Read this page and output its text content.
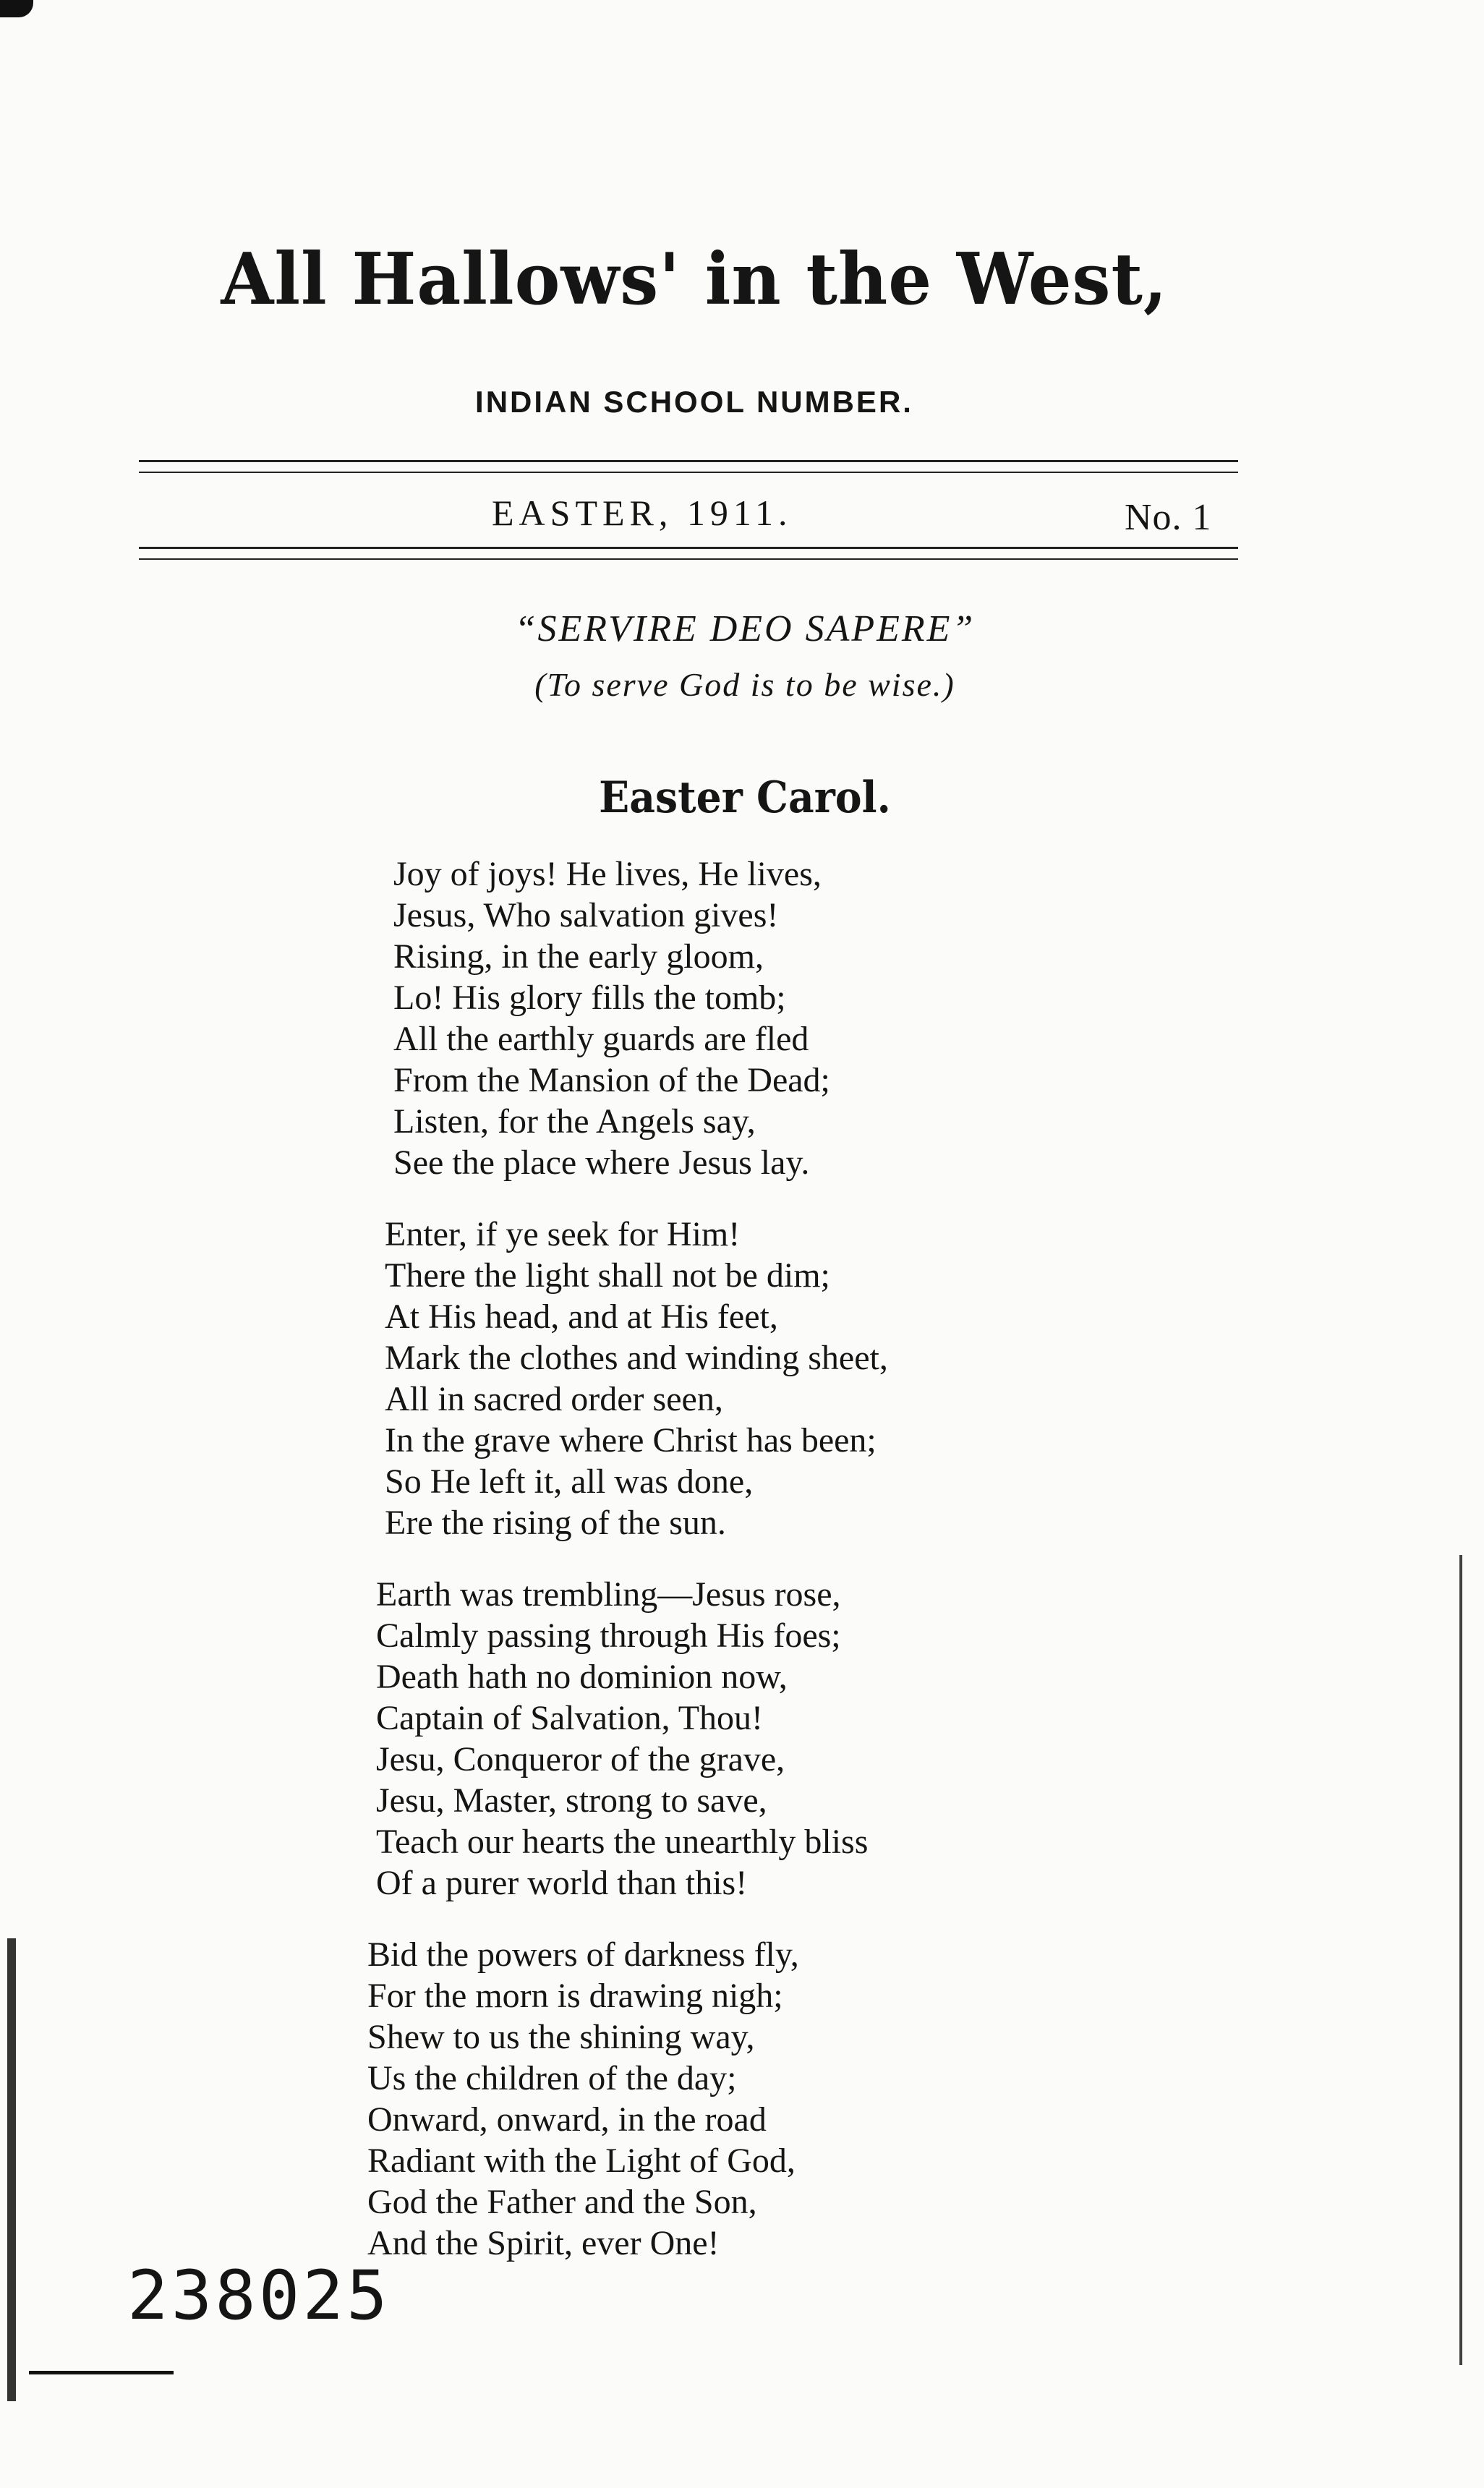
All Hallows' in the West,
INDIAN SCHOOL NUMBER.
EASTER, 1911.	No. 1
“SERVIRE DEO SAPERE”
(To serve God is to be wise.)
Easter Carol.
Joy of joys! He lives, He lives,
Jesus, Who salvation gives!
Rising, in the early gloom,
Lo! His glory fills the tomb;
All the earthly guards are fled
From the Mansion of the Dead;
Listen, for the Angels say,
See the place where Jesus lay.
Enter, if ye seek for Him!
There the light shall not be dim;
At His head, and at His feet,
Mark the clothes and winding sheet,
All in sacred order seen,
In the grave where Christ has been;
So He left it, all was done,
Ere the rising of the sun.
Earth was trembling—Jesus rose,
Calmly passing through His foes;
Death hath no dominion now,
Captain of Salvation, Thou!
Jesu, Conqueror of the grave,
Jesu, Master, strong to save,
Teach our hearts the unearthly bliss
Of a purer world than this!
Bid the powers of darkness fly,
For the morn is drawing nigh;
Shew to us the shining way,
Us the children of the day;
Onward, onward, in the road
Radiant with the Light of God,
God the Father and the Son,
And the Spirit, ever One!
238025
